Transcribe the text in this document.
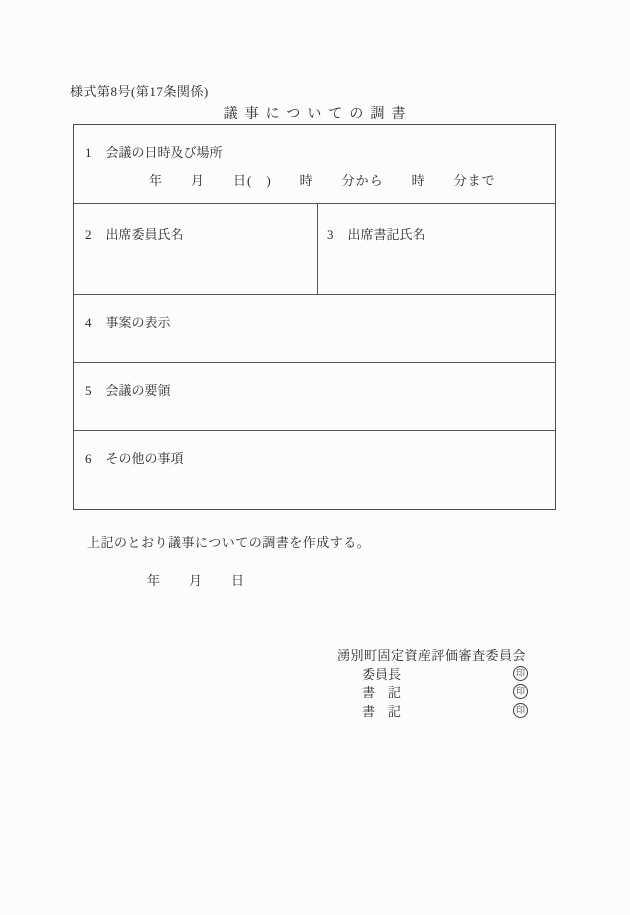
様式第8号(第17条関係)
議事についての調書
1 会議の日時及び場所
年　　月　　日(　)　　時　　分から　　時　　分まで
2 出席委員氏名	3 出席書記氏名
4 事案の表示
5 会議の要領
6 その他の事項
上記のとおり議事についての調書を作成する。
年　　月　　日
湧別町固定資産評価審査委員会
委員長	印
書　記	印
書　記	印
